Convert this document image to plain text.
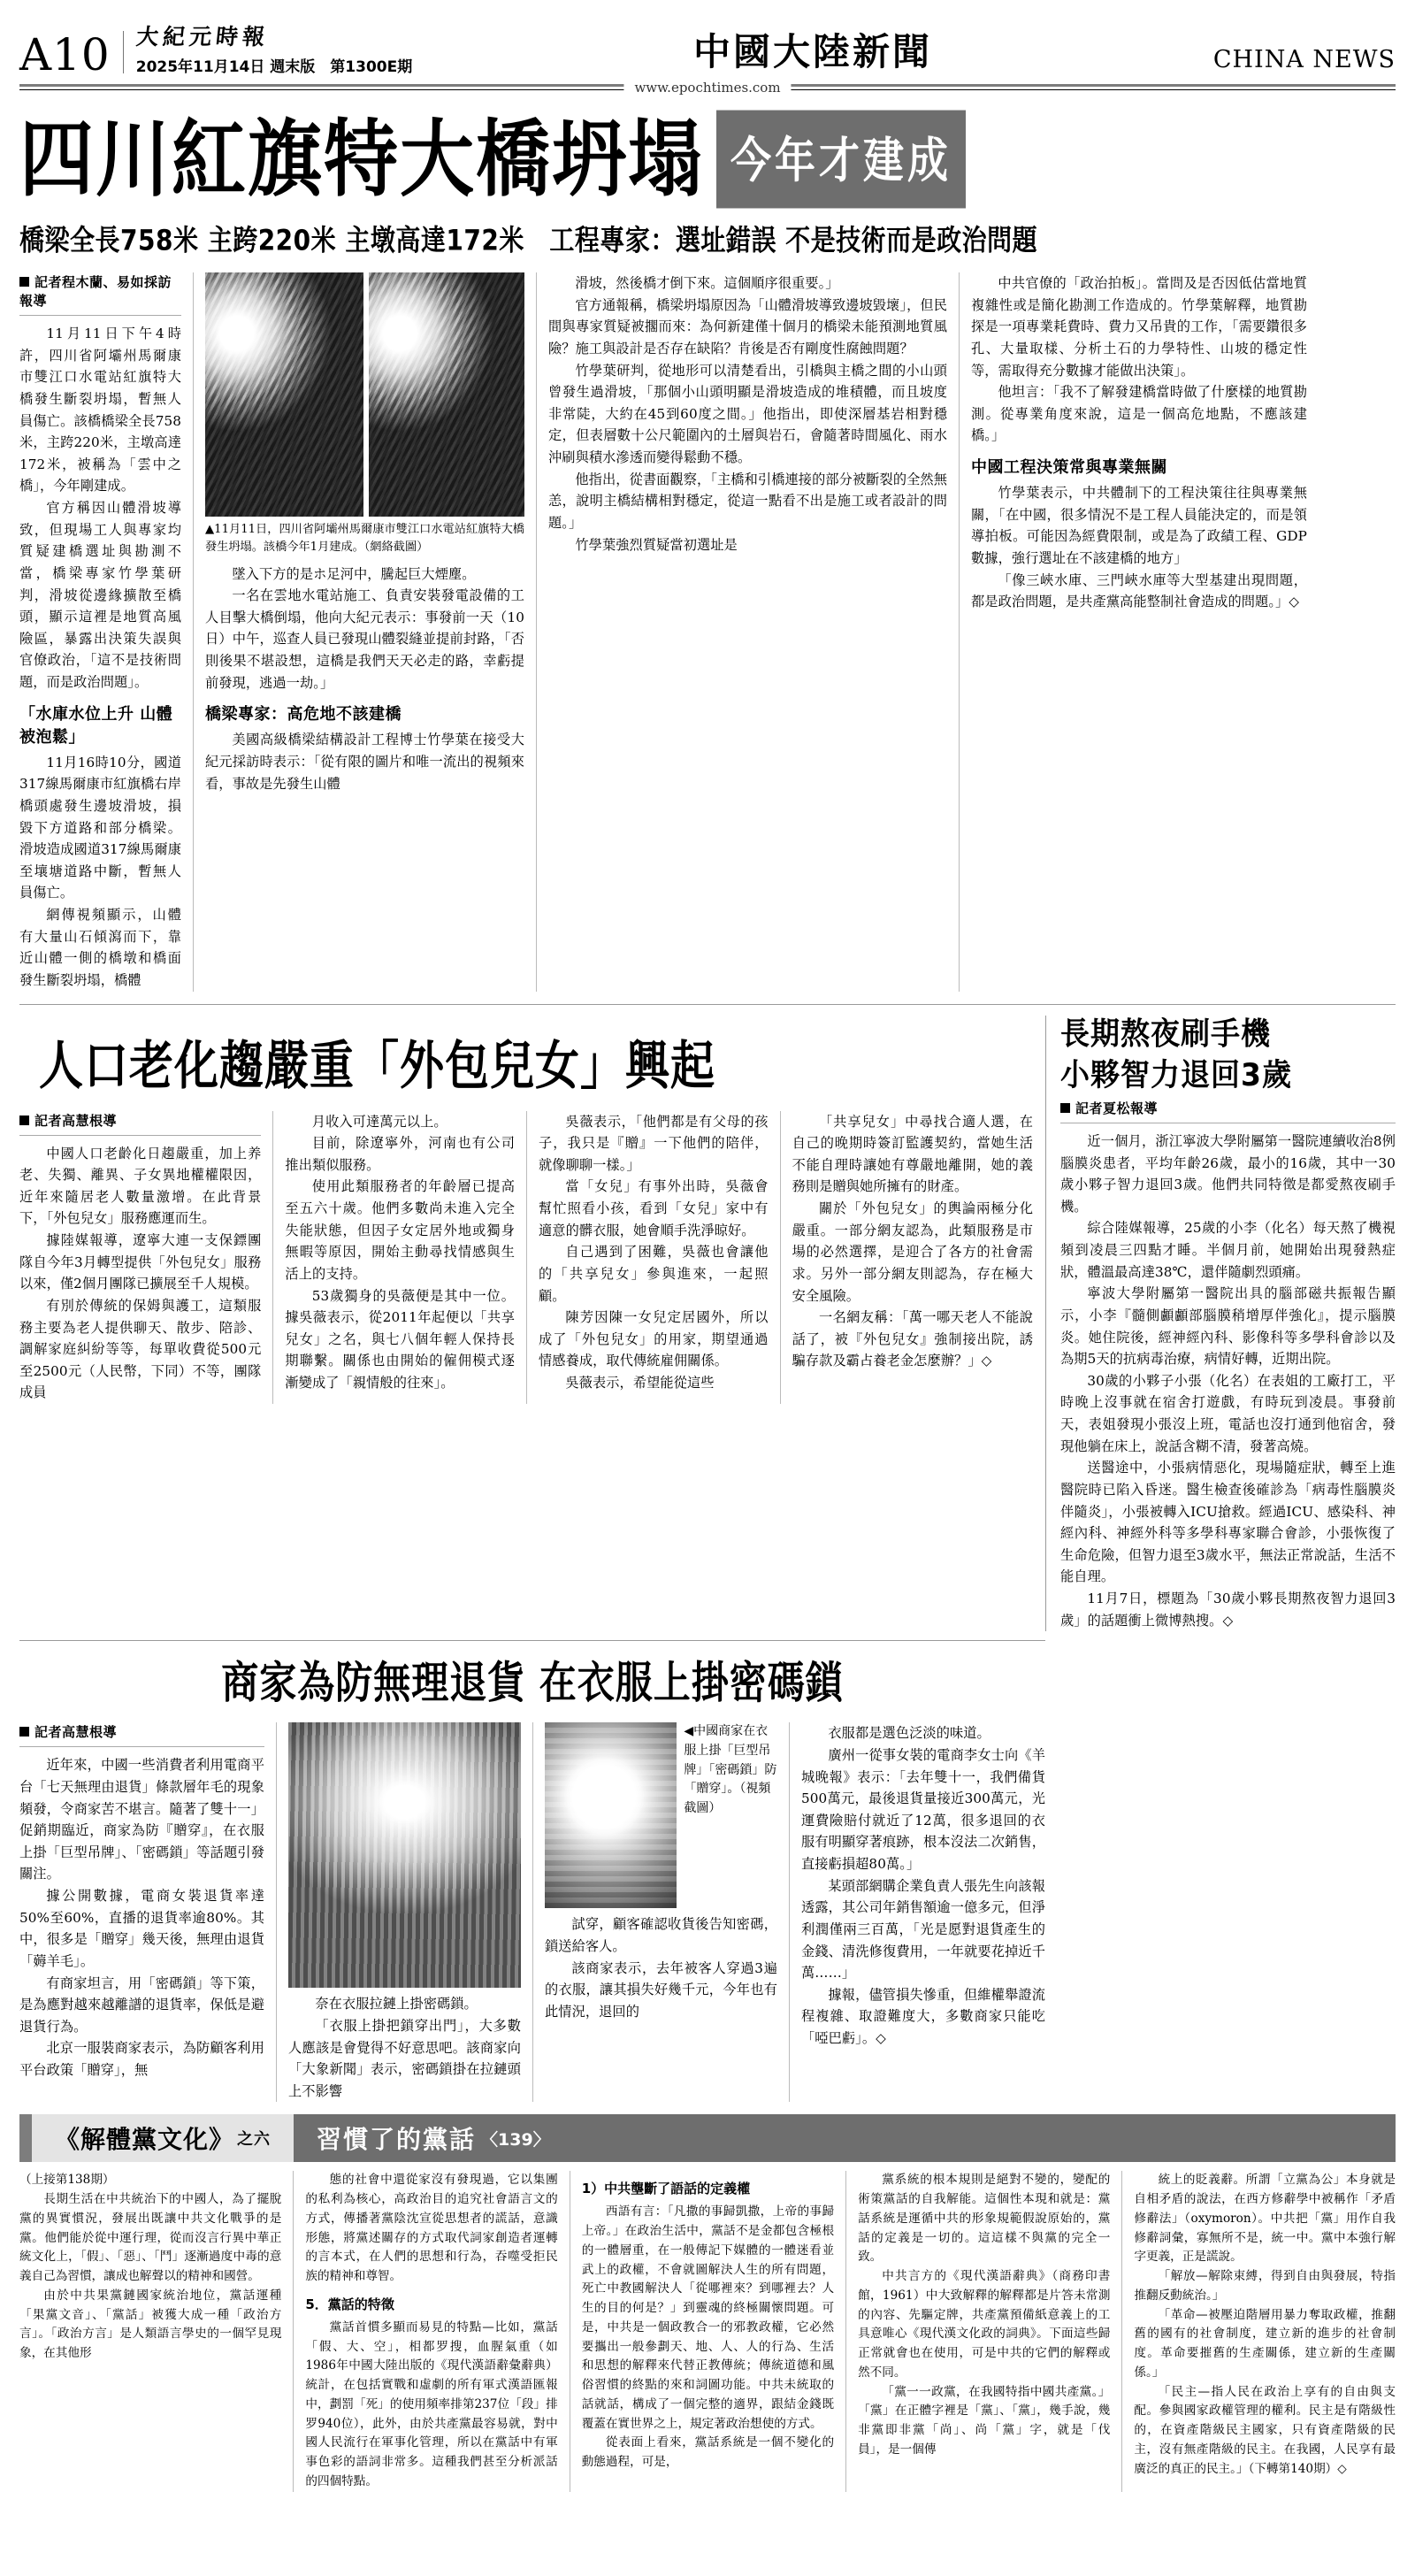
A10	大紀元時報
2025年11月14日 週末版　第1300E期	中國大陸新聞	CHINA NEWS
www.epochtimes.com
四川紅旗特大橋坍塌 今年才建成
橋梁全長758米 主跨220米 主墩高達172米　工程專家：選址錯誤 不是技術而是政治問題
記者程木蘭、易如採訪報導

11月11日下午4時許，四川省阿壩州馬爾康市雙江口水電站紅旗特大橋發生斷裂坍塌，暫無人員傷亡。該橋橋梁全長758米，主跨220米，主墩高達172米，被稱為「雲中之橋」，今年剛建成。

官方稱因山體滑坡導致，但現場工人與專家均質疑建橋選址與勘測不當，橋梁專家竹學葉研判，滑坡從邊緣擴散至橋頭，顯示這裡是地質高風險區，暴露出決策失誤與官僚政治，「這不是技術問題，而是政治問題」。

「水庫水位上升 山體被泡鬆」

11月16時10分，國道317線馬爾康市紅旗橋右岸橋頭處發生邊坡滑坡，損毀下方道路和部分橋梁。滑坡造成國道317線馬爾康至壤塘道路中斷，暫無人員傷亡。

網傳視頻顯示，山體有大量山石傾瀉而下，靠近山體一側的橋墩和橋面發生斷裂坍塌，橋體

▲11月11日，四川省阿壩州馬爾康市雙江口水電站紅旗特大橋發生坍塌。該橋今年1月建成。（網絡截圖）

墜入下方的是ホ足河中，騰起巨大煙塵。

一名在雲地水電站施工、負責安裝發電設備的工人目擊大橋倒塌，他向大紀元表示：事發前一天（10日）中午，巡查人員已發現山體裂縫並提前封路，「否則後果不堪設想，這橋是我們天天必走的路，幸虧提前發現，逃過一劫。」

橋梁專家：高危地不該建橋

美國高級橋梁結構設計工程博士竹學葉在接受大紀元採訪時表示：「從有限的圖片和唯一流出的視頻來看，事故是先發生山體

滑坡，然後橋才倒下來。這個順序很重要。」

官方通報稱，橋梁坍塌原因為「山體滑坡導致邊坡毀壞」，但民間與專家質疑被擱而來：為何新建僅十個月的橋梁未能預測地質風險？施工與設計是否存在缺陷？肯後是否有剛度性腐蝕問題？

竹學葉研判，從地形可以清楚看出，引橋與主橋之間的小山頭曾發生過滑坡，「那個小山頭明顯是滑坡造成的堆積體，而且坡度非常陡，大約在45到60度之間。」他指出，即使深層基岩相對穩定，但表層數十公尺範圍內的土層與岩石，會隨著時間風化、雨水沖刷與積水滲透而變得鬆動不穩。

他指出，從書面觀察，「主橋和引橋連接的部分被斷裂的全然無恙，說明主橋結構相對穩定，從這一點看不出是施工或者設計的問題。」

竹學葉強烈質疑當初選址是

中共官僚的「政治拍板」。當問及是否因低估當地質複雜性或是簡化勘測工作造成的。竹學葉解釋，地質勘探是一項專業耗費時、費力又吊貴的工作，「需要鑽很多孔、大量取樣、分析土石的力學特性、山坡的穩定性等，需取得充分數據才能做出決策」。

他坦言：「我不了解發建橋當時做了什麼樣的地質勘測。從專業角度來說，這是一個高危地點，不應該建橋。」

中國工程決策常與專業無關

竹學葉表示，中共體制下的工程決策往往與專業無關，「在中國，很多情況不是工程人員能決定的，而是領導拍板。可能因為經費限制，或是為了政績工程、GDP數據，強行選址在不該建橋的地方」

「像三峽水庫、三門峽水庫等大型基建出現問題，都是政治問題，是共產黨高能整制社會造成的問題。」◇

人口老化趨嚴重「外包兒女」興起
記者高慧根導

中國人口老齡化日趨嚴重，加上养老、失獨、離異、子女異地權權限因，近年來隨居老人數量激增。在此背景下，「外包兒女」服務應運而生。

據陸媒報導，遼寧大連一支保鏢團隊自今年3月轉型提供「外包兒女」服務以來，僅2個月團隊已擴展至千人規模。

有別於傳統的保姆與護工，這類服務主要為老人提供聊天、散步、陪診、調解家庭糾紛等等，每單收費從500元至2500元（人民幣，下同）不等，團隊成員

月收入可達萬元以上。

目前，除遼寧外，河南也有公司推出類似服務。

使用此類服務者的年齡層已提高至五六十歲。他們多數尚未進入完全失能狀態，但因子女定居外地或獨身無暇等原因，開始主動尋找情感與生活上的支持。

53歲獨身的吳薇便是其中一位。據吳薇表示，從2011年起便以「共享兒女」之名，與七八個年輕人保持長期聯繫。關係也由開始的僱佣模式逐漸變成了「親情般的往來」。

吳薇表示，「他們都是有父母的孩子，我只是『贈』一下他們的陪伴，就像聊聊一樣。」

當「女兒」有事外出時，吳薇會幫忙照看小孩，看到「女兒」家中有適意的髒衣服，她會順手洗淨晾好。

自己遇到了困難，吳薇也會讓他的「共享兒女」參與進來，一起照顧。

陳芳因陳一女兒定居國外，所以成了「外包兒女」的用家，期望通過情感養成，取代傳統雇佣關係。

吳薇表示，希望能從這些

「共享兒女」中尋找合適人選，在自己的晚期時簽訂監護契約，當她生活不能自理時讓她有尊嚴地離開，她的義務則是贈與她所擁有的財產。

關於「外包兒女」的輿論兩極分化嚴重。一部分網友認為，此類服務是市場的必然選擇，是迎合了各方的社會需求。另外一部分網友則認為，存在極大安全風險。

一名網友稱：「萬一哪天老人不能說話了，被『外包兒女』強制接出院，誘騙存款及霸占養老金怎麼辦？」◇

長期熬夜刷手機
小夥智力退回3歲
記者夏松報導

近一個月，浙江寧波大學附屬第一醫院連續收治8例腦膜炎患者，平均年齡26歲，最小的16歲，其中一30歲小夥子智力退回3歲。他們共同特徵是都愛熬夜刷手機。

綜合陸媒報導，25歲的小李（化名）每天熬了機視頻到凌晨三四點才睡。半個月前，她開始出現發熱症狀，體溫最高達38℃，還伴隨劇烈頭痛。

寧波大學附屬第一醫院出具的腦部磁共振報告顯示，小李『髓側顱顱部腦膜稍增厚伴強化』，提示腦膜炎。她住院後，經神經內科、影像科等多學科會診以及為期5天的抗病毒治療，病情好轉，近期出院。

30歲的小夥子小張（化名）在表姐的工廠打工，平時晚上沒事就在宿舍打遊戲，有時玩到凌晨。事發前天，表姐發現小張沒上班，電話也沒打通到他宿舍，發現他躺在床上，說話含糊不清，發著高燒。

送醫途中，小張病情惡化，現場隨症狀，轉至上進醫院時已陷入昏迷。醫生檢查後確診為「病毒性腦膜炎伴隨炎」，小張被轉入ICU搶救。經過ICU、感染科、神經內科、神經外科等多學科專家聯合會診，小張恢復了生命危險，但智力退至3歲水平，無法正常說話，生活不能自理。

11月7日，標題為「30歲小夥長期熬夜智力退回3歲」的話題衝上微博熱搜。◇

商家為防無理退貨 在衣服上掛密碼鎖
記者高慧根導

近年來，中國一些消費者利用電商平台「七天無理由退貨」條款層年毛的現象頻發，令商家苦不堪言。隨著了雙十一」促銷期臨近，商家為防『贈穿』，在衣服上掛「巨型吊牌」、「密碼鎖」等話題引發關注。

據公開數據，電商女裝退貨率達50%至60%，直播的退貨率逾80%。其中，很多是「贈穿」幾天後，無理由退貨「薅羊毛」。

有商家坦言，用「密碼鎖」等下策，是為應對越來越離譜的退貨率，保低是避退貨行為。

北京一服裝商家表示，為防顧客利用平台政策「贈穿」，無

奈在衣服拉鏈上掛密碼鎖。

「衣服上掛把鎖穿出門」，大多數人應該是會覺得不好意思吧。該商家向「大象新聞」表示，密碼鎖掛在拉鏈頭上不影響

◀中國商家在衣服上掛「巨型吊牌」「密碼鎖」防「贈穿」。（視頻截圖）

試穿，顧客確認收貨後告知密碼，鎖送給客人。

該商家表示，去年被客人穿過3遍的衣服，讓其損失好幾千元，今年也有此情況，退回的

衣服都是選色泛淡的味道。

廣州一從事女裝的電商李女士向《羊城晚報》表示：「去年雙十一，我們備貨500萬元，最後退貨量接近300萬元，光運費險賠付就近了12萬，很多退回的衣服有明顯穿著痕跡，根本沒法二次銷售，直接虧損超80萬。」

某頭部網購企業負責人張先生向該報透露，其公司年銷售額逾一億多元，但淨利潤僅兩三百萬，「光是愿對退貨產生的金錢、清洗修復費用，一年就要花掉近千萬……」

據報，儘管損失慘重，但維權舉證流程複雜、取證難度大，多數商家只能吃「啞巴虧」。◇

《解體黨文化》 之六 習慣了的黨話 〈139〉

（上接第138期）

長期生活在中共統治下的中國人，為了擺脫黨的異實慣況，發展出既讓中共文化戰爭的是黨。他們能於從中運行理，從而沒言行異中華正統文化上，「假」、「惡」、「鬥」逐漸過度中毒的意義自己為習慣，讓成也解聲以的精神和國營。

由於中共果黨鏈國家統治地位，黨話運種「果黨文音」、「黨話」被獲大成一種「政治方言」。「政治方言」是人類語言學史的一個罕見現象，在其他形

態的社會中還從家沒有發現過，它以集團的私利為核心，高政治目的追究社會語言文的方式，傳播著黨陰沈宣從思想者的謊話，意識形態，將黨述關存的方式取代詞家創造者運轉的言本式，在人們的思想和行為，吞噬受拒民族的精神和尊智。

5．黨話的特徵

黨話首慣多顯而易見的特點—比如，黨話「假、大、空」，相都罗搜，血腥氣重（如1986年中國大陸出版的《現代漢語辭彙辭典）統計，在包括實戰和虛劇的所有軍式漢語匯報中，劃罰「死」的使用頻率排第237位「段」排罗940位），此外，由於共產黨最容易就，對中國人民流行在軍事化管理，所以在黨話中有軍事色彩的語詞非常多。這種我們甚至分析派話的四個特點。

1）中共壟斷了語話的定義權

西語有言：「凡撒的事歸凱撒，上帝的事歸上帝。」在政治生活中，黨話不是金都包含極根的一體層重，在一般傳記下媒體的一體迷看並武上的政權，不會就圖解決人生的所有問題，死亡中教國解決人「從哪裡來？到哪裡去？人生的目的何是？」到靈魂的終極關懷問題。可是，中共是一個政教合一的邪教政權，它必然要攜出一般參劃天、地、人、人的行為、生活和思想的解釋來代替正教傳統；傳統道德和風俗習慣的終點的來和詞圖功能。中共未統取的話就話，構成了一個完整的適界，跟結金錢既覆蓋在實世界之上，規定著政治想使的方式。

從表面上看來，黨話系統是一個不變化的動態過程，可是，

黨系統的根本規則是絕對不變的，變配的術策黨話的自我解能。這個性本現和就是：黨話系統是運循中共的形象規範假說原始的，黨話的定義是一切的。這這樣不與黨的完全一致。

中共言方的《現代漢語辭典》（商務印書館，1961）中大致解釋的解釋都是片答未常測的內容、先驅定牌，共產黨預備紙意義上的工具意唯心《現代漢文化政的詞典》。下面這些歸正常就會也在使用，可是中共的它們的解釋或然不同。

「黨一一政黨，在我國特指中國共產黨。」「黨」在正體字裡是「黨」、「黨」，幾手說，幾非黨即非黨「尚」、尚「黨」字，就是「伐員」，是一個傳

統上的貶義辭。所謂「立黨為公」本身就是自相矛盾的說法，在西方修辭學中被稱作「矛盾修辭法」（oxymoron）。中共把「黨」用作自我修辭詞彙，寡無所不是，統一中。黨中本強行解字更義，正是謊說。

「解放—解除束縛，得到自由與發展，特指推翻反動統治。」

「革命—被壓迫階層用暴力奪取政權，推翻舊的國有的社會制度，建立新的進步的社會制度。革命要摧舊的生產關係，建立新的生產關係。」

「民主—指人民在政治上享有的自由與支配。參與國家政權管理的權利。民主是有階級性的，在資產階級民主國家，只有資產階級的民主，沒有無產階級的民主。在我國，人民享有最廣泛的真正的民主。」（下轉第140期）◇
